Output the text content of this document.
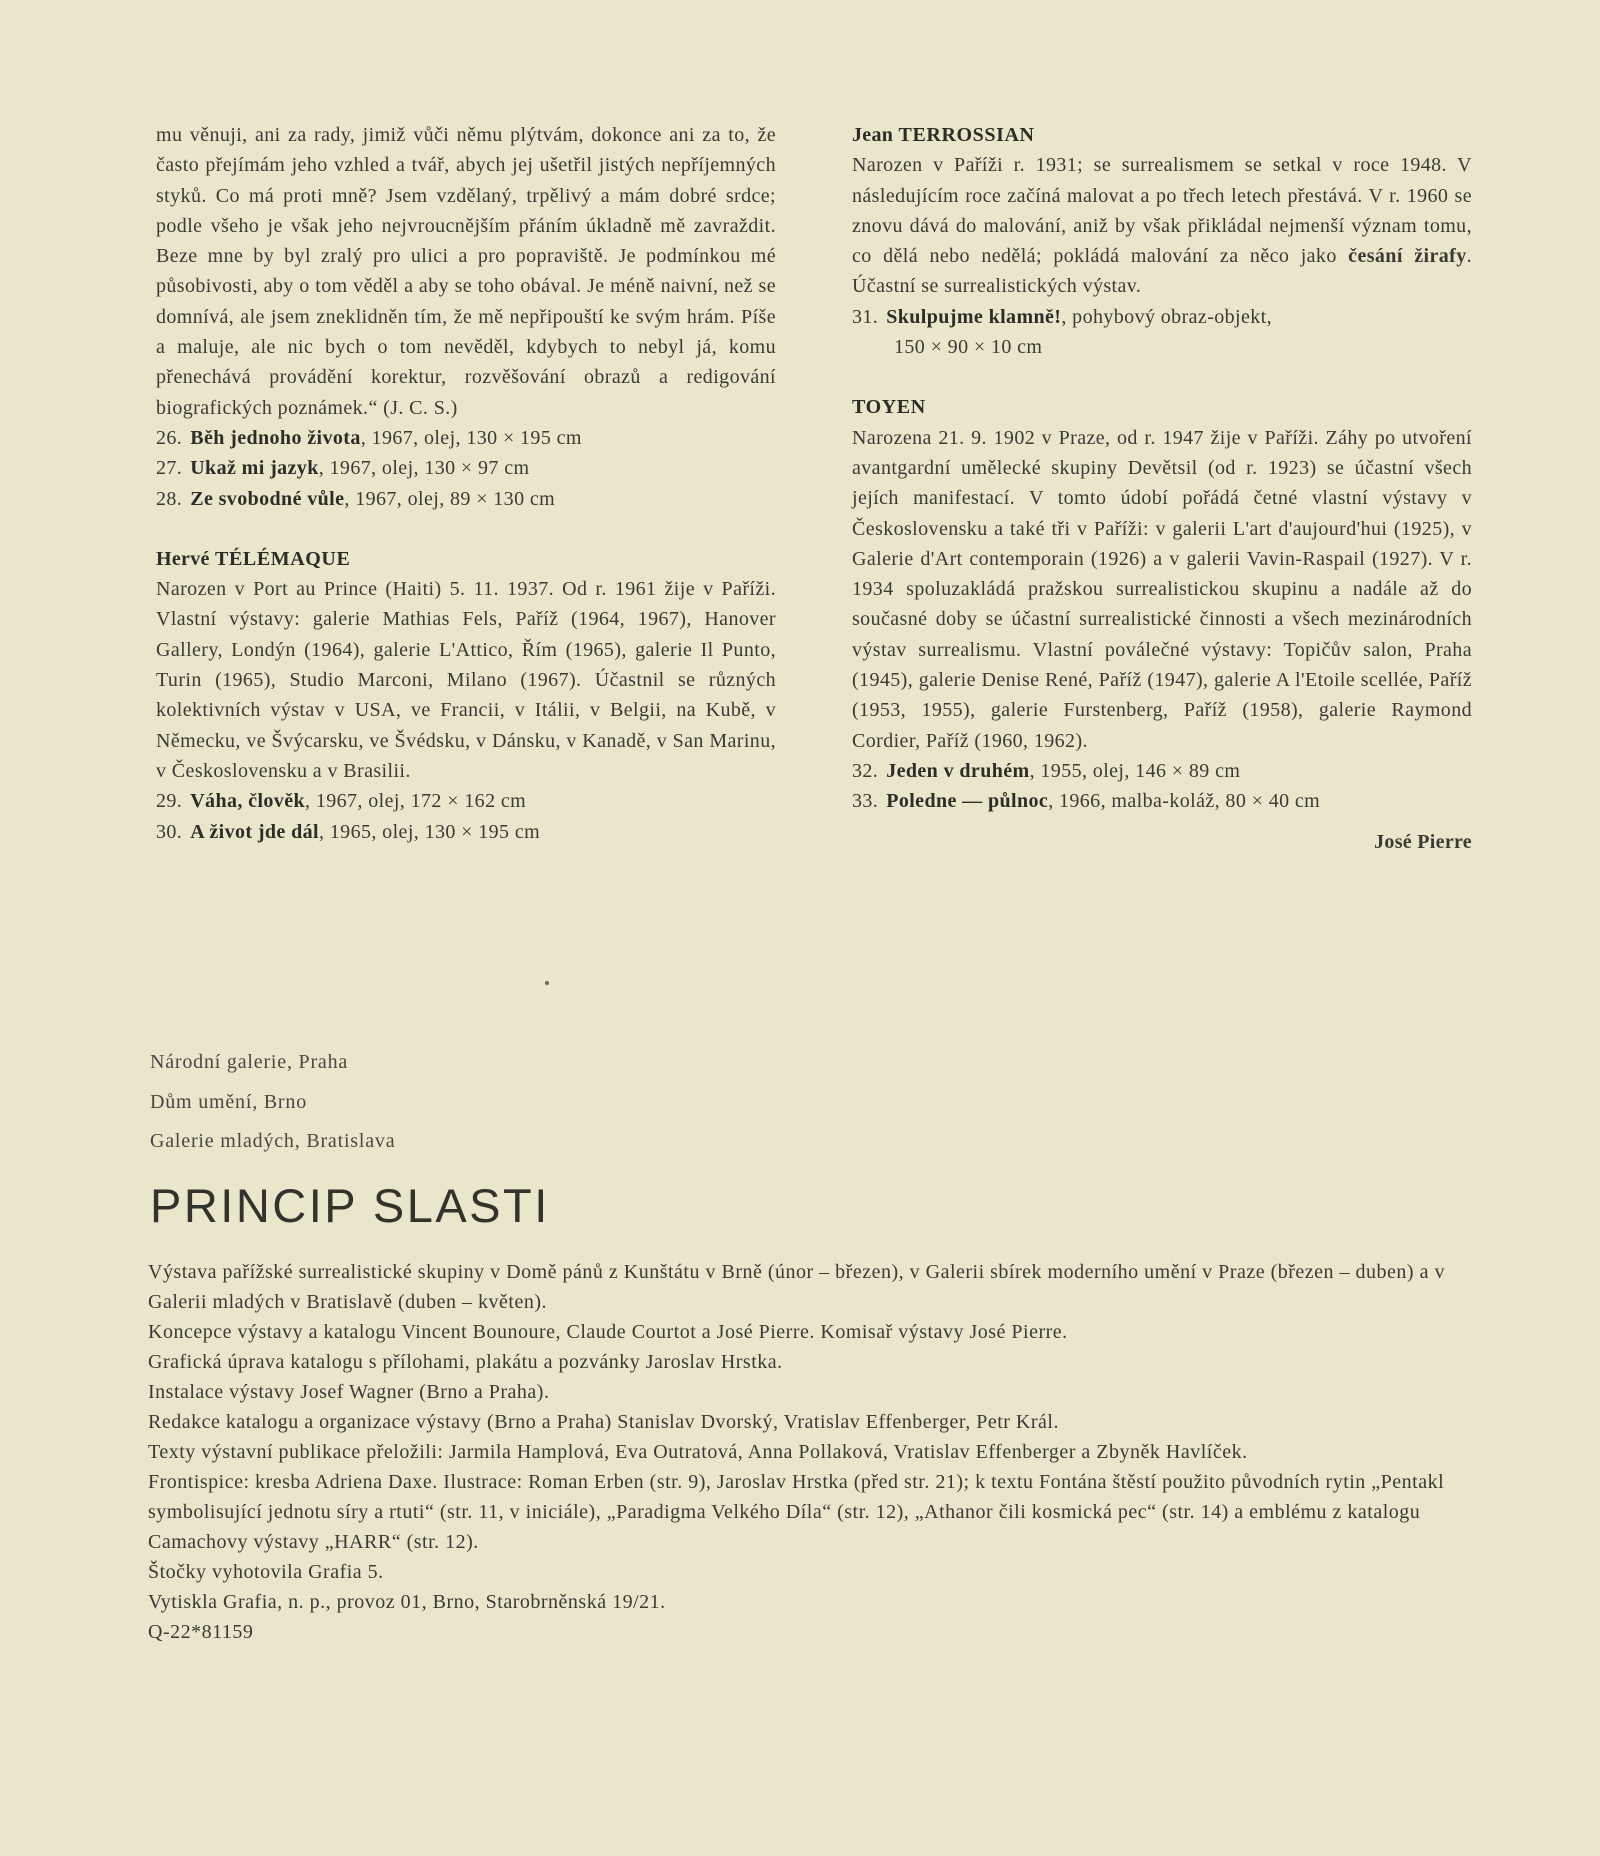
mu věnuji, ani za rady, jimiž vůči němu plýtvám, dokonce ani za to, že často přejímám jeho vzhled a tvář, abych jej ušetřil jistých nepříjemných styků. Co má proti mně? Jsem vzdělaný, trpělivý a mám dobré srdce; podle všeho je však jeho nejvroucnějším přáním úkladně mě zavraždit. Beze mne by byl zralý pro ulici a pro popraviště. Je podmínkou mé působivosti, aby o tom věděl a aby se toho obával. Je méně naivní, než se domnívá, ale jsem zneklidněn tím, že mě nepřipouští ke svým hrám. Píše a maluje, ale nic bych o tom nevěděl, kdybych to nebyl já, komu přenechává provádění korektur, rozvěšování obrazů a redigování biografických poznámek.“ (J. C. S.)

26. Běh jednoho života, 1967, olej, 130 × 195 cm
27. Ukaž mi jazyk, 1967, olej, 130 × 97 cm
28. Ze svobodné vůle, 1967, olej, 89 × 130 cm
Hervé TÉLÉMAQUE

Narozen v Port au Prince (Haiti) 5. 11. 1937. Od r. 1961 žije v Paříži. Vlastní výstavy: galerie Mathias Fels, Paříž (1964, 1967), Hanover Gallery, Londýn (1964), galerie L'Attico, Řím (1965), galerie Il Punto, Turin (1965), Studio Marconi, Milano (1967). Účastnil se různých kolektivních výstav v USA, ve Francii, v Itálii, v Belgii, na Kubě, v Německu, ve Švýcarsku, ve Švédsku, v Dánsku, v Kanadě, v San Marinu, v Československu a v Brasilii.

29. Váha, člověk, 1967, olej, 172 × 162 cm
30. A život jde dál, 1965, olej, 130 × 195 cm
Jean TERROSSIAN

Narozen v Paříži r. 1931; se surrealismem se setkal v roce 1948. V následujícím roce začíná malovat a po třech letech přestává. V r. 1960 se znovu dává do malování, aniž by však přikládal nejmenší význam tomu, co dělá nebo nedělá; pokládá malování za něco jako česání žirafy. Účastní se surrealistických výstav.

31. Skulpujme klamně!, pohybový obraz-objekt,
150 × 90 × 10 cm
TOYEN

Narozena 21. 9. 1902 v Praze, od r. 1947 žije v Paříži. Záhy po utvoření avantgardní umělecké skupiny Devětsil (od r. 1923) se účastní všech jejích manifestací. V tomto údobí pořádá četné vlastní výstavy v Československu a také tři v Paříži: v galerii L'art d'aujourd'hui (1925), v Galerie d'Art contemporain (1926) a v galerii Vavin-Raspail (1927). V r. 1934 spoluzakládá pražskou surrealistickou skupinu a nadále až do současné doby se účastní surrealistické činnosti a všech mezinárodních výstav surrealismu. Vlastní poválečné výstavy: Topičův salon, Praha (1945), galerie Denise René, Paříž (1947), galerie A l'Etoile scellée, Paříž (1953, 1955), galerie Furstenberg, Paříž (1958), galerie Raymond Cordier, Paříž (1960, 1962).

32. Jeden v druhém, 1955, olej, 146 × 89 cm
33. Poledne — půlnoc, 1966, malba-koláž, 80 × 40 cm
José Pierre
Národní galerie, Praha
Dům umění, Brno
Galerie mladých, Bratislava
PRINCIP SLASTI

Výstava pařížské surrealistické skupiny v Domě pánů z Kunštátu v Brně (únor – březen), v Galerii sbírek moderního umění v Praze (březen – duben) a v Galerii mladých v Bratislavě (duben – květen).

Koncepce výstavy a katalogu Vincent Bounoure, Claude Courtot a José Pierre. Komisař výstavy José Pierre.

Grafická úprava katalogu s přílohami, plakátu a pozvánky Jaroslav Hrstka.

Instalace výstavy Josef Wagner (Brno a Praha).

Redakce katalogu a organizace výstavy (Brno a Praha) Stanislav Dvorský, Vratislav Effenberger, Petr Král.

Texty výstavní publikace přeložili: Jarmila Hamplová, Eva Outratová, Anna Pollaková, Vratislav Effenberger a Zbyněk Havlíček.

Frontispice: kresba Adriena Daxe. Ilustrace: Roman Erben (str. 9), Jaroslav Hrstka (před str. 21); k textu Fontána štěstí použito původních rytin „Pentakl symbolisující jednotu síry a rtuti“ (str. 11, v iniciále), „Paradigma Velkého Díla“ (str. 12), „Athanor čili kosmická pec“ (str. 14) a emblému z katalogu Camachovy výstavy „HARR“ (str. 12).

Štočky vyhotovila Grafia 5.

Vytiskla Grafia, n. p., provoz 01, Brno, Starobrněnská 19/21.

Q-22*81159
